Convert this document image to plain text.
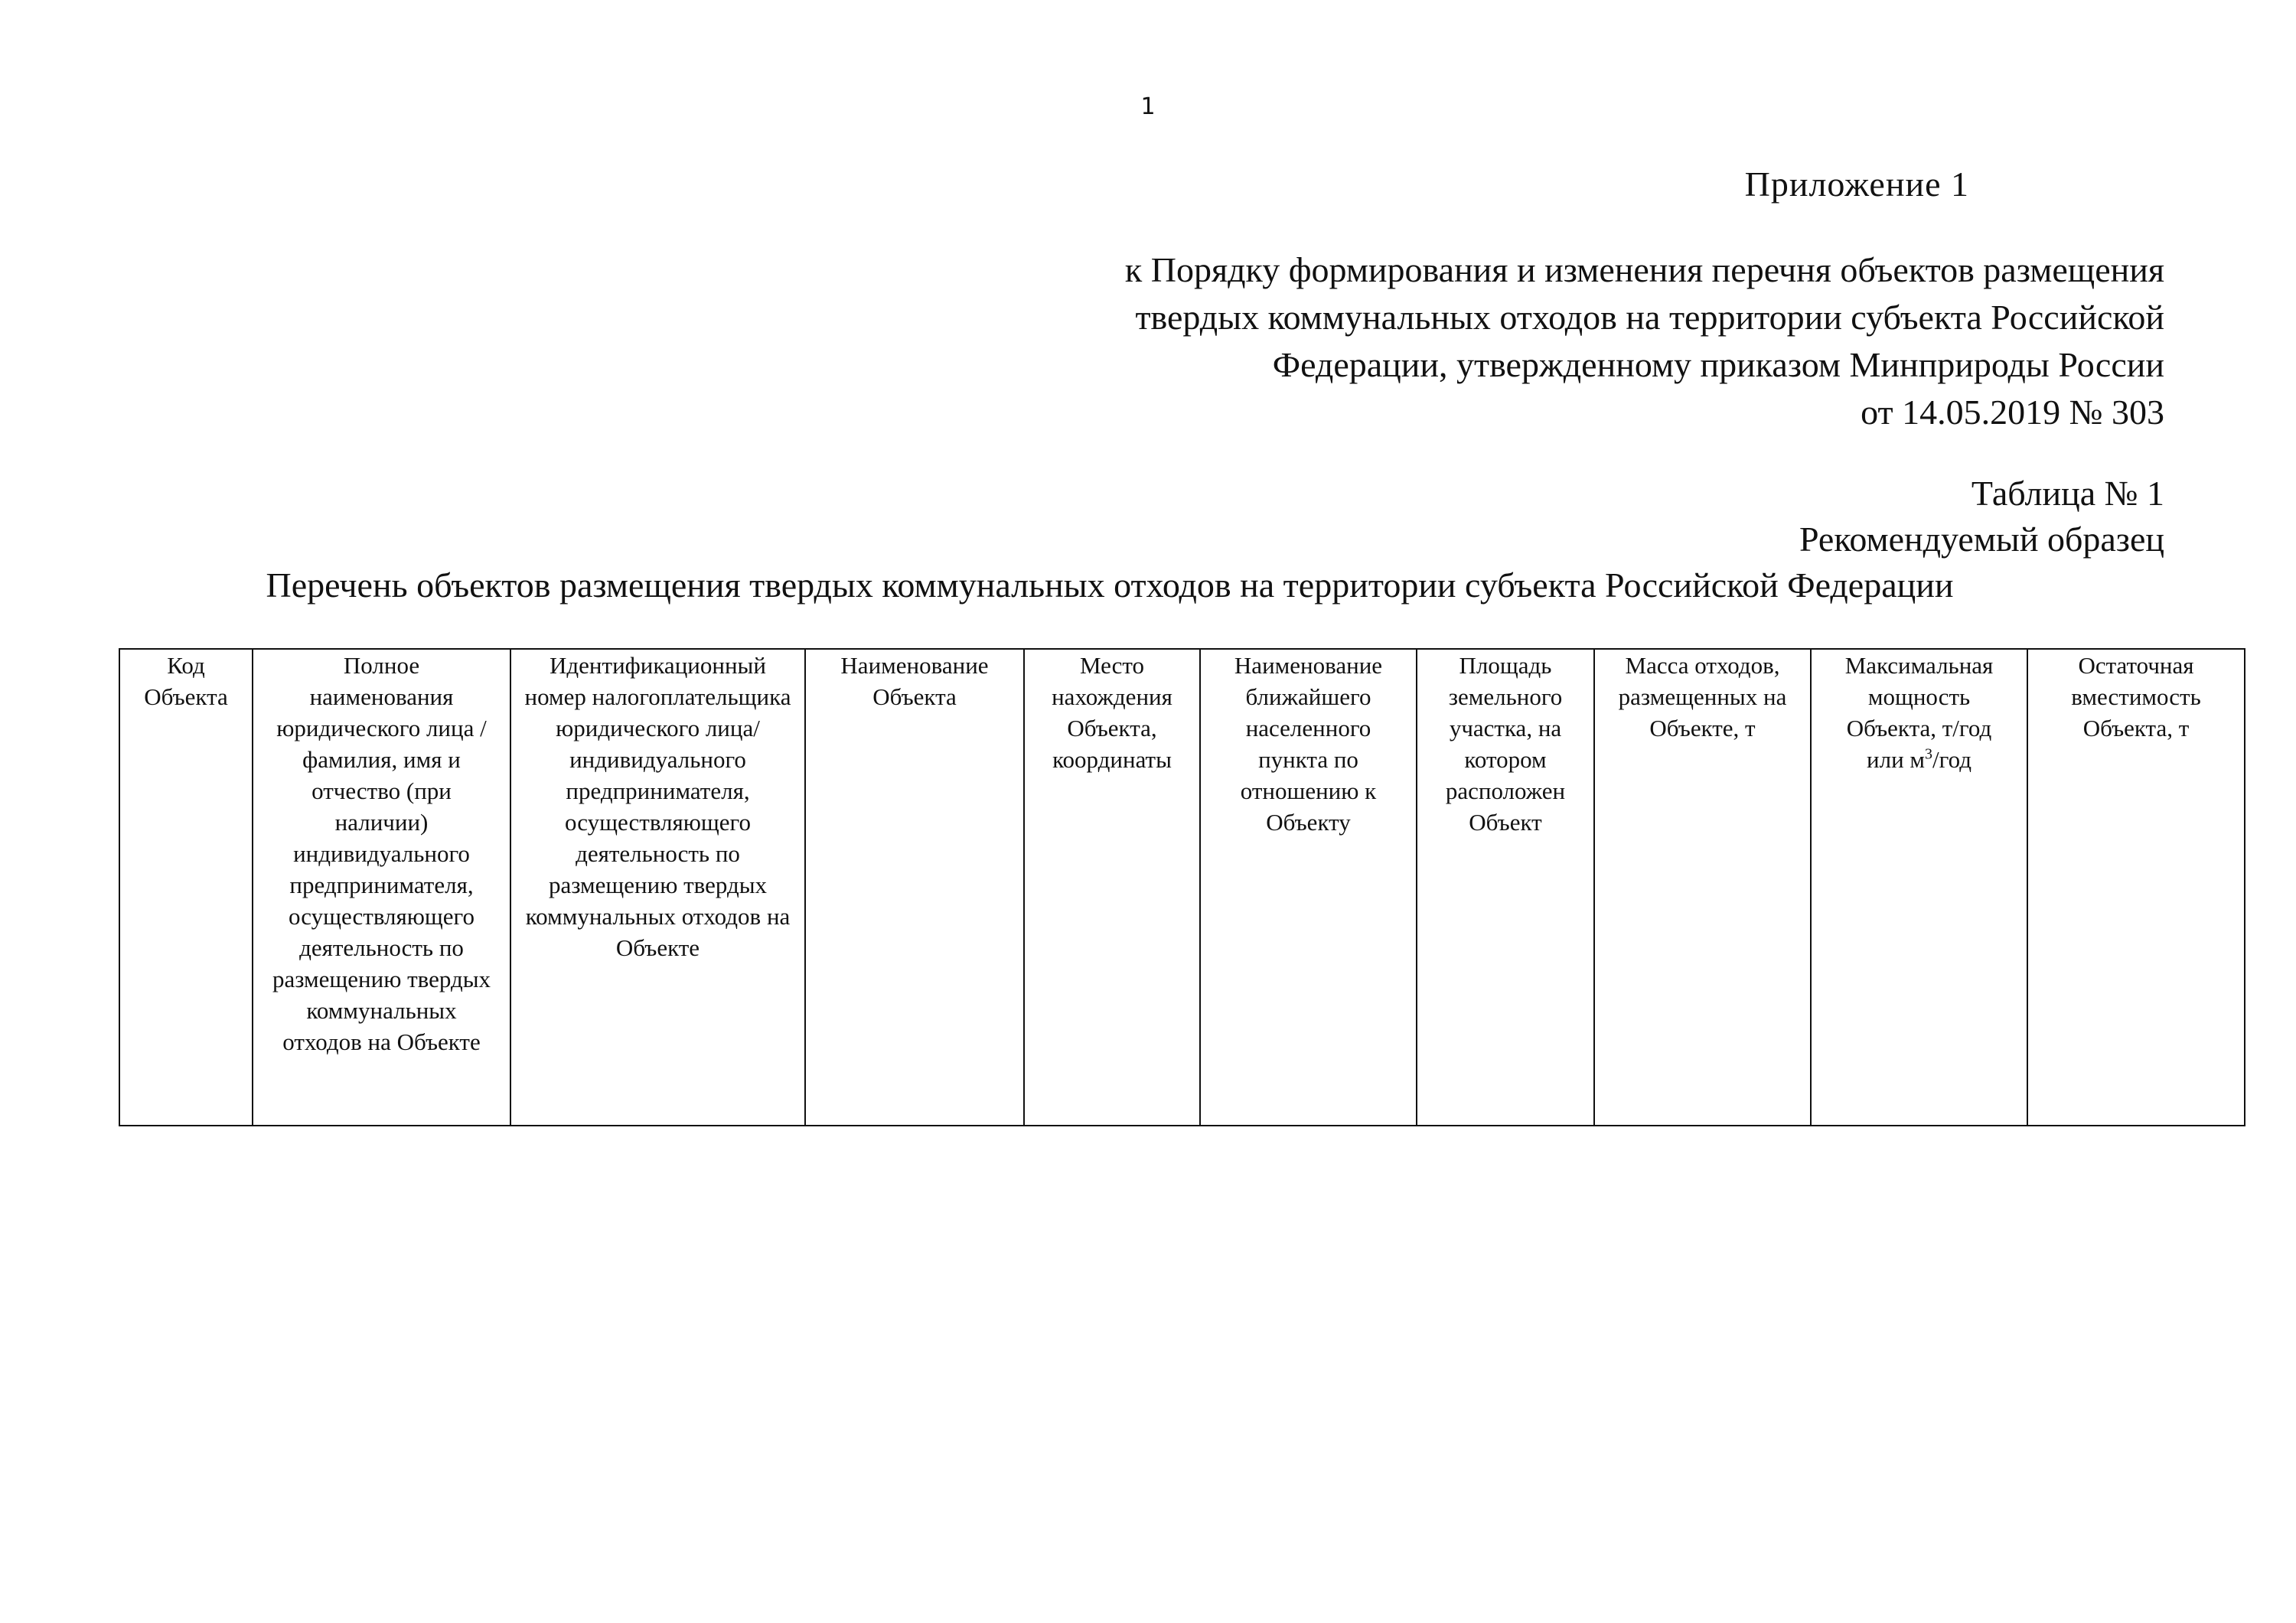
1
Приложение 1
к Порядку формирования и изменения перечня объектов размещения
твердых коммунальных отходов на территории субъекта Российской
Федерации, утвержденному приказом Минприроды России
от 14.05.2019 № 303
Таблица № 1
Рекомендуемый образец
Перечень объектов размещения твердых коммунальных отходов на территории субъекта Российской Федерации
Код Объекта	Полное наименования юридического лица / фамилия, имя и отчество (при наличии) индивидуального предпринимателя, осуществляющего деятельность по размещению твердых коммунальных отходов на Объекте	Идентификационный номер налогоплательщика юридического лица/ индивидуального предпринимателя, осуществляющего деятельность по размещению твердых коммунальных отходов на Объекте	Наименование Объекта	Место нахождения Объекта, координаты	Наименование ближайшего населенного пункта по отношению к Объекту	Площадь земельного участка, на котором расположен Объект	Масса отходов, размещенных на Объекте, т	Максимальная мощность Объекта, т/год или $м^3$/год	Остаточная вместимость Объекта, т
